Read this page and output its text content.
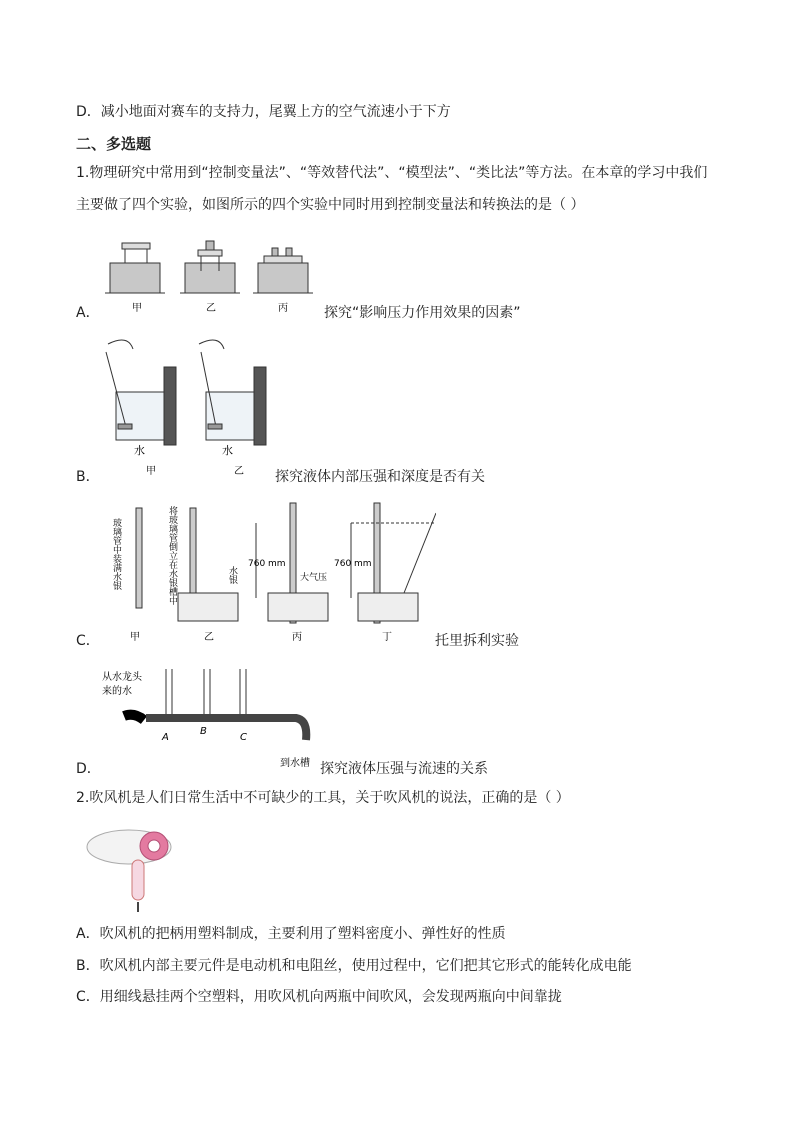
D．减小地面对赛车的支持力，尾翼上方的空气流速小于下方
二、多选题
1.物理研究中常用到“控制变量法”、“等效替代法”、“模型法”、“类比法”等方法。在本章的学习中我们
主要做了四个实验，如图所示的四个实验中同时用到控制变量法和转换法的是（ ）
A．	甲	乙	丙	探究“影响压力作用效果的因素”
B．
水	水
甲	乙 探究液体内部压强和深度是否有关
C．
玻璃管中装满水银	将玻璃管倒立在水银槽中	水银
760 mm
大气压
760 mm
甲	乙	丙	丁	托里拆利实验
D．
从水龙头
来的水
A
B
C
到水槽 探究液体压强与流速的关系
2.吹风机是人们日常生活中不可缺少的工具，关于吹风机的说法，正确的是（ ）
A．吹风机的把柄用塑料制成，主要利用了塑料密度小、弹性好的性质
B．吹风机内部主要元件是电动机和电阻丝，使用过程中，它们把其它形式的能转化成电能
C．用细线悬挂两个空塑料，用吹风机向两瓶中间吹风，会发现两瓶向中间靠拢
